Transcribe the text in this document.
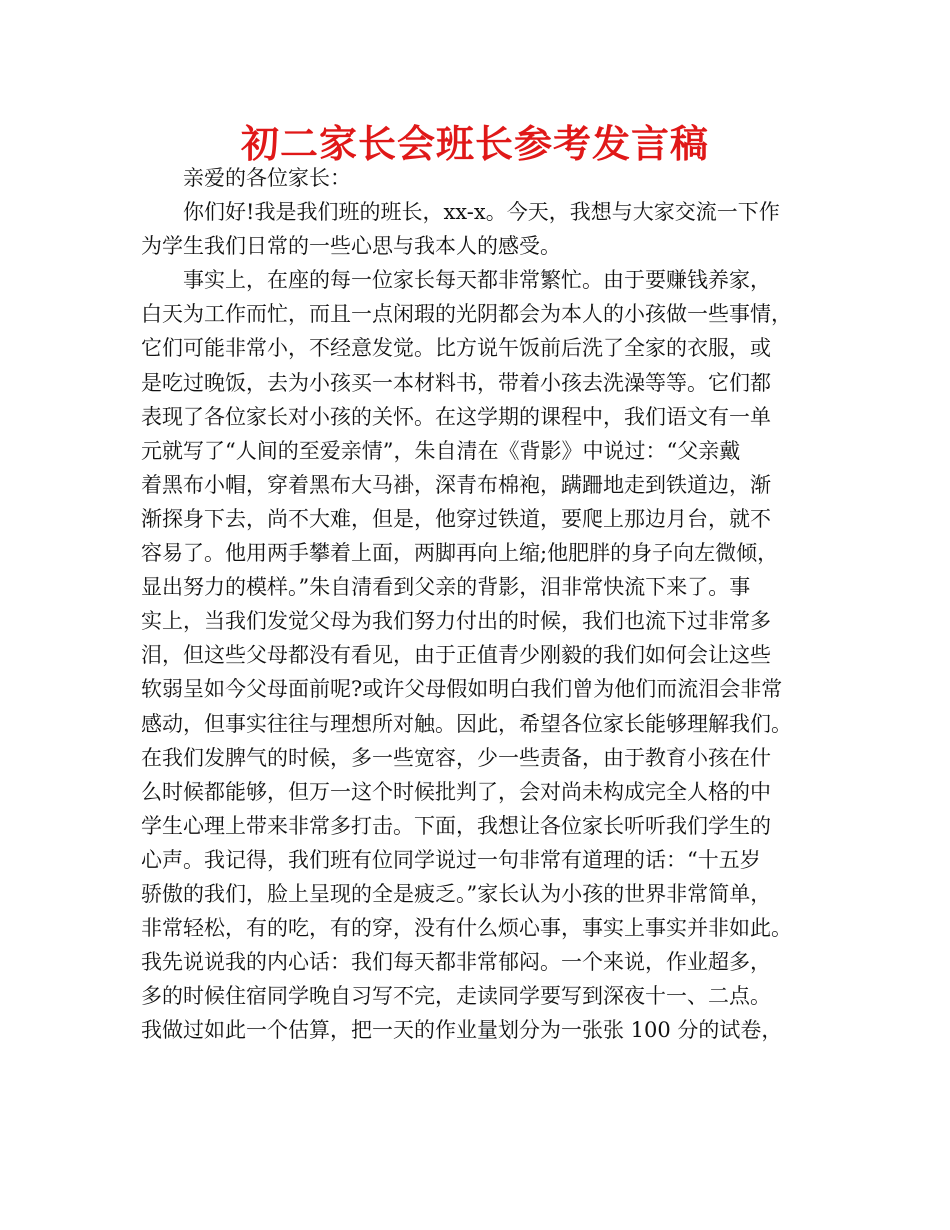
初二家长会班长参考发言稿
亲爱的各位家长：
你们好!我是我们班的班长，xx-x。今天，我想与大家交流一下作
为学生我们日常的一些心思与我本人的感受。
事实上，在座的每一位家长每天都非常繁忙。由于要赚钱养家，
白天为工作而忙，而且一点闲瑕的光阴都会为本人的小孩做一些事情，
它们可能非常小，不经意发觉。比方说午饭前后洗了全家的衣服，或
是吃过晚饭，去为小孩买一本材料书，带着小孩去洗澡等等。它们都
表现了各位家长对小孩的关怀。在这学期的课程中，我们语文有一单
元就写了“人间的至爱亲情”，朱自清在《背影》中说过：“父亲戴
着黑布小帽，穿着黑布大马褂，深青布棉袍，蹒跚地走到铁道边，渐
渐探身下去，尚不大难，但是，他穿过铁道，要爬上那边月台，就不
容易了。他用两手攀着上面，两脚再向上缩;他肥胖的身子向左微倾，
显出努力的模样。”朱自清看到父亲的背影，泪非常快流下来了。事
实上，当我们发觉父母为我们努力付出的时候，我们也流下过非常多
泪，但这些父母都没有看见，由于正值青少刚毅的我们如何会让这些
软弱呈如今父母面前呢?或许父母假如明白我们曾为他们而流泪会非常
感动，但事实往往与理想所对触。因此，希望各位家长能够理解我们。
在我们发脾气的时候，多一些宽容，少一些责备，由于教育小孩在什
么时候都能够，但万一这个时候批判了，会对尚未构成完全人格的中
学生心理上带来非常多打击。下面，我想让各位家长听听我们学生的
心声。我记得，我们班有位同学说过一句非常有道理的话：“十五岁
骄傲的我们，脸上呈现的全是疲乏。”家长认为小孩的世界非常简单，
非常轻松，有的吃，有的穿，没有什么烦心事，事实上事实并非如此。
我先说说我的内心话：我们每天都非常郁闷。一个来说，作业超多，
多的时候住宿同学晚自习写不完，走读同学要写到深夜十一、二点。
我做过如此一个估算，把一天的作业量划分为一张张 100 分的试卷，
